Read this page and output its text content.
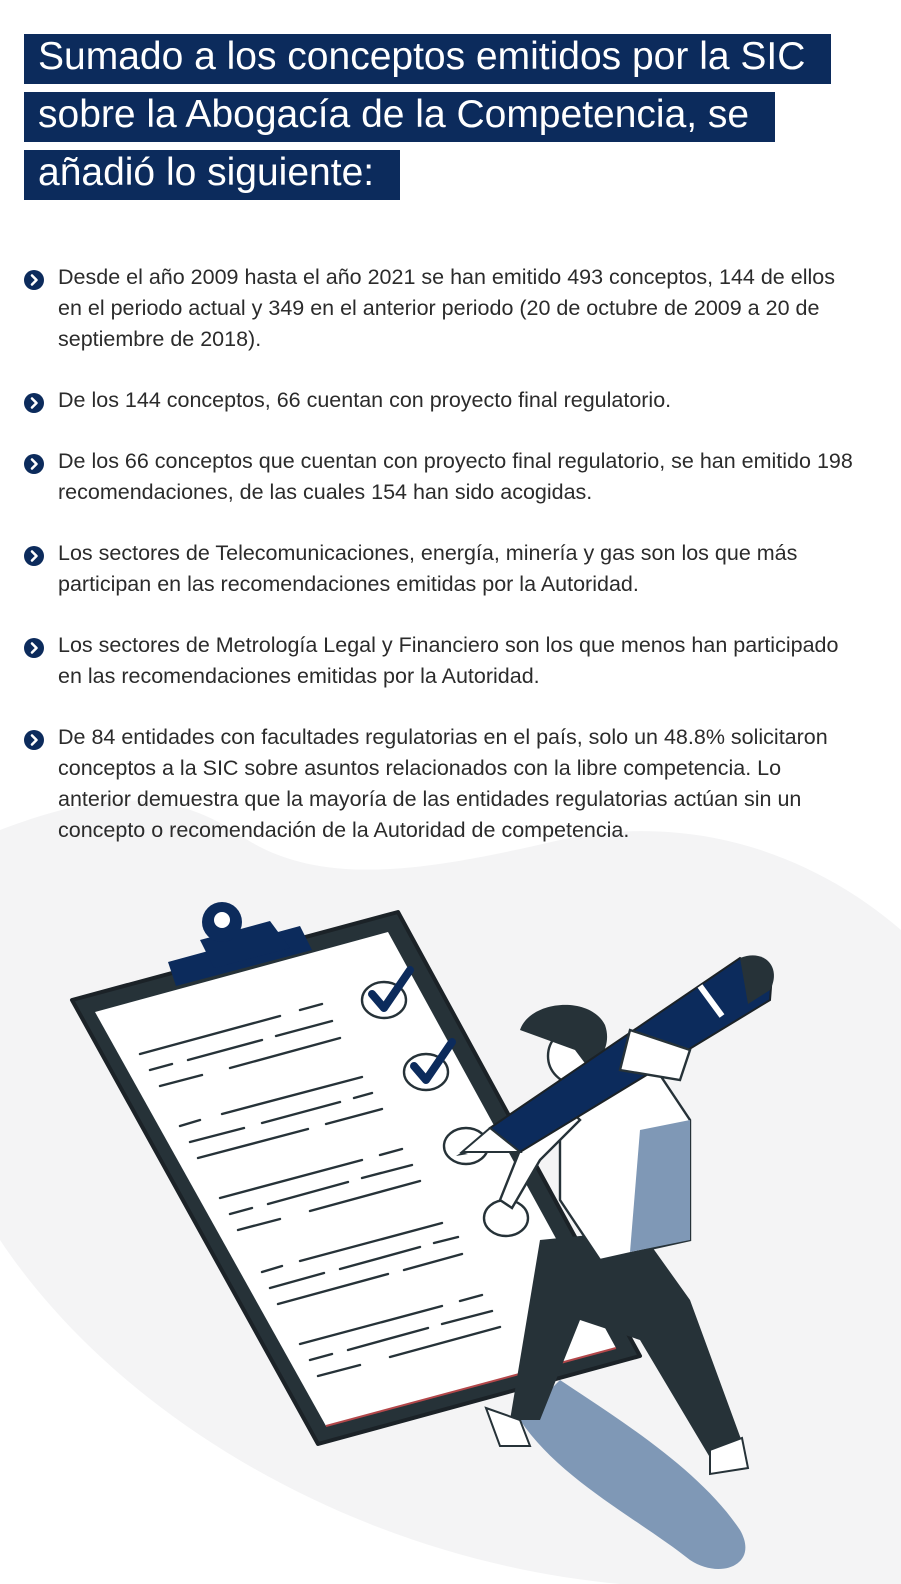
Sumado a los conceptos emitidos por la SIC
sobre la Abogacía de la Competencia, se
añadió lo siguiente:
Desde el año 2009 hasta el año 2021 se han emitido 493 conceptos, 144 de ellos en el periodo actual y 349 en el anterior periodo (20 de octubre de 2009 a 20 de septiembre de 2018).
De los 144 conceptos, 66 cuentan con proyecto final regulatorio.
De los 66 conceptos que cuentan con proyecto final regulatorio, se han emitido 198 recomendaciones, de las cuales 154 han sido acogidas.
Los sectores de Telecomunicaciones, energía, minería y gas son los que más participan en las recomendaciones emitidas por la Autoridad.
Los sectores de Metrología Legal y Financiero son los que menos han participado en las recomendaciones emitidas por la Autoridad.
De 84 entidades con facultades regulatorias en el país, solo un 48.8% solicitaron conceptos a la SIC sobre asuntos relacionados con la libre competencia. Lo anterior demuestra que la mayoría de las entidades regulatorias actúan sin un concepto o recomendación de la Autoridad de competencia.
